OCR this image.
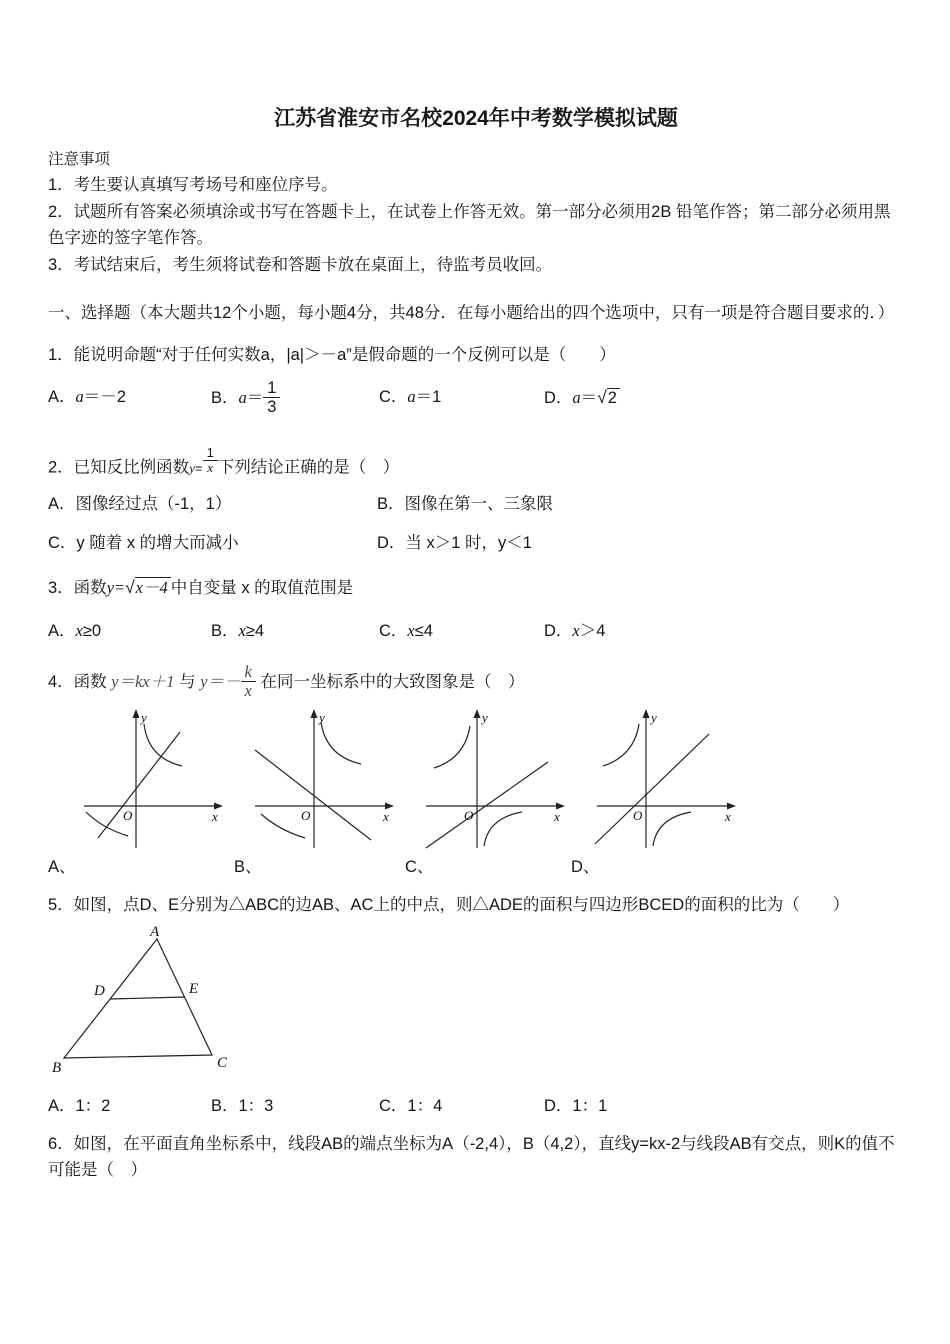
江苏省淮安市名校2024年中考数学模拟试题

注意事项

1．考生要认真填写考场号和座位序号。

2．试题所有答案必须填涂或书写在答题卡上，在试卷上作答无效。第一部分必须用2B 铅笔作答；第二部分必须用黑色字迹的签字笔作答。

3．考试结束后，考生须将试卷和答题卡放在桌面上，待监考员收回。

一、选择题（本大题共12个小题，每小题4分，共48分．在每小题给出的四个选项中，只有一项是符合题目要求的．）

1．能说明命题“对于任何实数a，|a|＞－a”是假命题的一个反例可以是（　　）

A．a＝－2	B．$a= \frac{1}{3}$	C．a＝1	D．a＝√2

2．已知反比例函数$y= \frac{1}{x}$ 下列结论正确的是（　）

A．图像经过点（-1，1）	B．图像在第一、三象限
C．y 随着 x 的增大而减小	D．当 x＞1 时，y＜1

3．函数y=√x－4 中自变量 x 的取值范围是

A．x≥0	B．x≥4	C．x≤4	D．x＞4

4．函数 y＝kx＋1 与 $y=- \frac{k}{x}$ 在同一坐标系中的大致图象是（　）

y
x
O
y
x
O
y
x
O
y
x
O
A、	B、	C、	D、

5．如图，点D、E分别为△ABC的边AB、AC上的中点，则△ADE的面积与四边形BCED的面积的比为（　　）

A
D	E
B	C
A．1：2	B．1：3	C．1：4	D．1：1

6．如图，在平面直角坐标系中，线段AB的端点坐标为A（-2,4），B（4,2），直线y=kx-2与线段AB有交点，则K的值不可能是（　）
